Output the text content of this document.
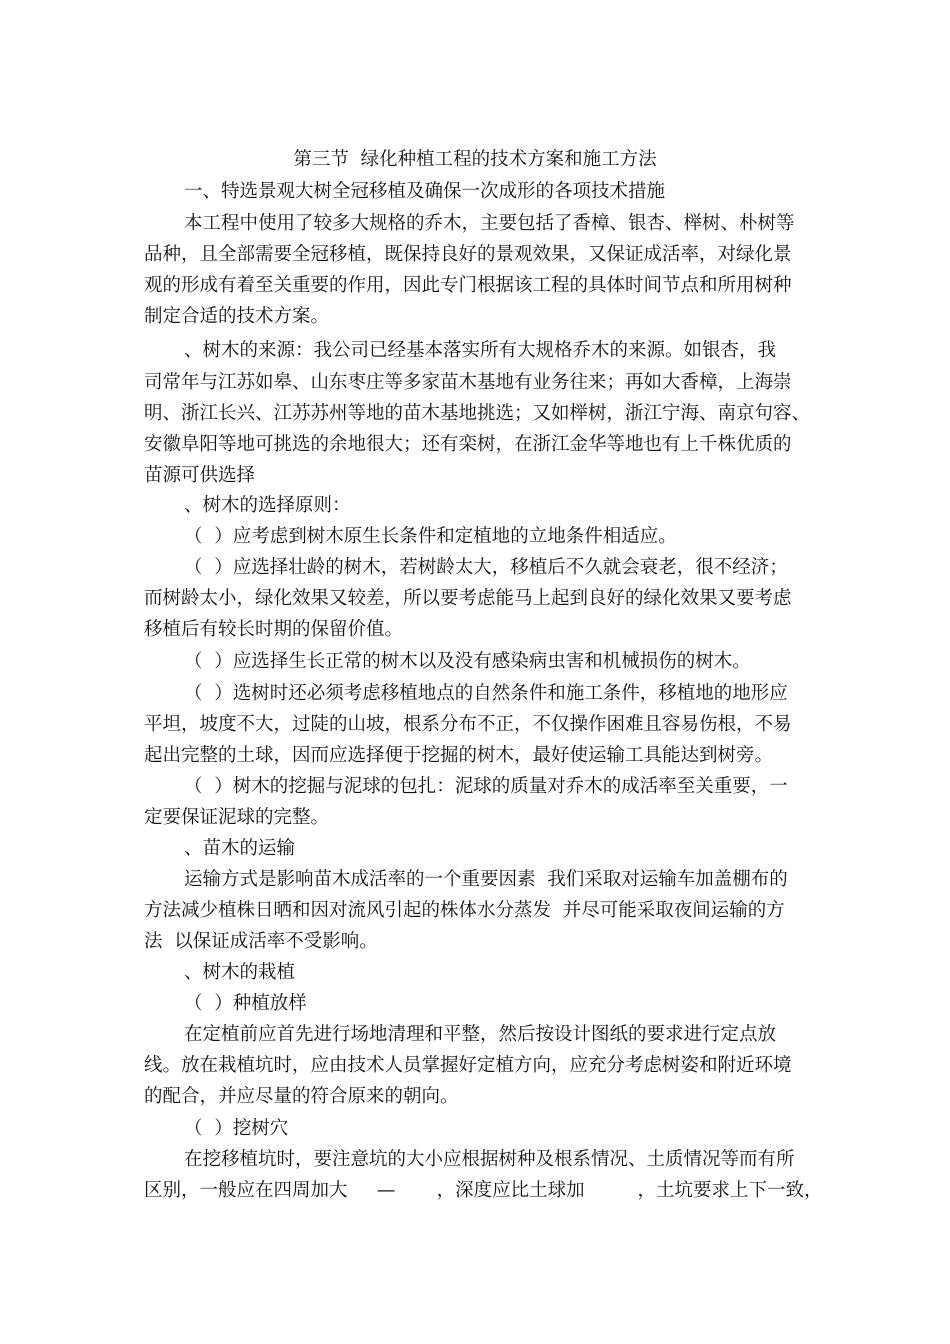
第三节  绿化种植工程的技术方案和施工方法
一、特选景观大树全冠移植及确保一次成形的各项技术措施
本工程中使用了较多大规格的乔木，主要包括了香樟、银杏、榉树、朴树等
品种，且全部需要全冠移植，既保持良好的景观效果，又保证成活率，对绿化景
观的形成有着至关重要的作用，因此专门根据该工程的具体时间节点和所用树种
制定合适的技术方案。
、树木的来源：我公司已经基本落实所有大规格乔木的来源。如银杏，我
司常年与江苏如皋、山东枣庄等多家苗木基地有业务往来；再如大香樟，上海崇
明、浙江长兴、江苏苏州等地的苗木基地挑选；又如榉树，浙江宁海、南京句容、
安徽阜阳等地可挑选的余地很大；还有栾树，在浙江金华等地也有上千株优质的
苗源可供选择
、树木的选择原则：
（  ）应考虑到树木原生长条件和定植地的立地条件相适应。
（  ）应选择壮龄的树木，若树龄太大，移植后不久就会衰老，很不经济；
而树龄太小，绿化效果又较差，所以要考虑能马上起到良好的绿化效果又要考虑
移植后有较长时期的保留价值。
（  ）应选择生长正常的树木以及没有感染病虫害和机械损伤的树木。
（  ）选树时还必须考虑移植地点的自然条件和施工条件，移植地的地形应
平坦，坡度不大，过陡的山坡，根系分布不正，不仅操作困难且容易伤根，不易
起出完整的土球，因而应选择便于挖掘的树木，最好使运输工具能达到树旁。
（  ）树木的挖掘与泥球的包扎：泥球的质量对乔木的成活率至关重要，一
定要保证泥球的完整。
、苗木的运输
运输方式是影响苗木成活率的一个重要因素  我们采取对运输车加盖棚布的
方法减少植株日晒和因对流风引起的株体水分蒸发  并尽可能采取夜间运输的方
法  以保证成活率不受影响。
、树木的栽植
（  ）种植放样
在定植前应首先进行场地清理和平整，然后按设计图纸的要求进行定点放
线。放在栽植坑时，应由技术人员掌握好定植方向，应充分考虑树姿和附近环境
的配合，并应尽量的符合原来的朝向。
（  ）挖树穴
在挖移植坑时，要注意坑的大小应根据树种及根系情况、土质情况等而有所
区别，一般应在四周加大     —       ，深度应比土球加         ，土坑要求上下一致，
